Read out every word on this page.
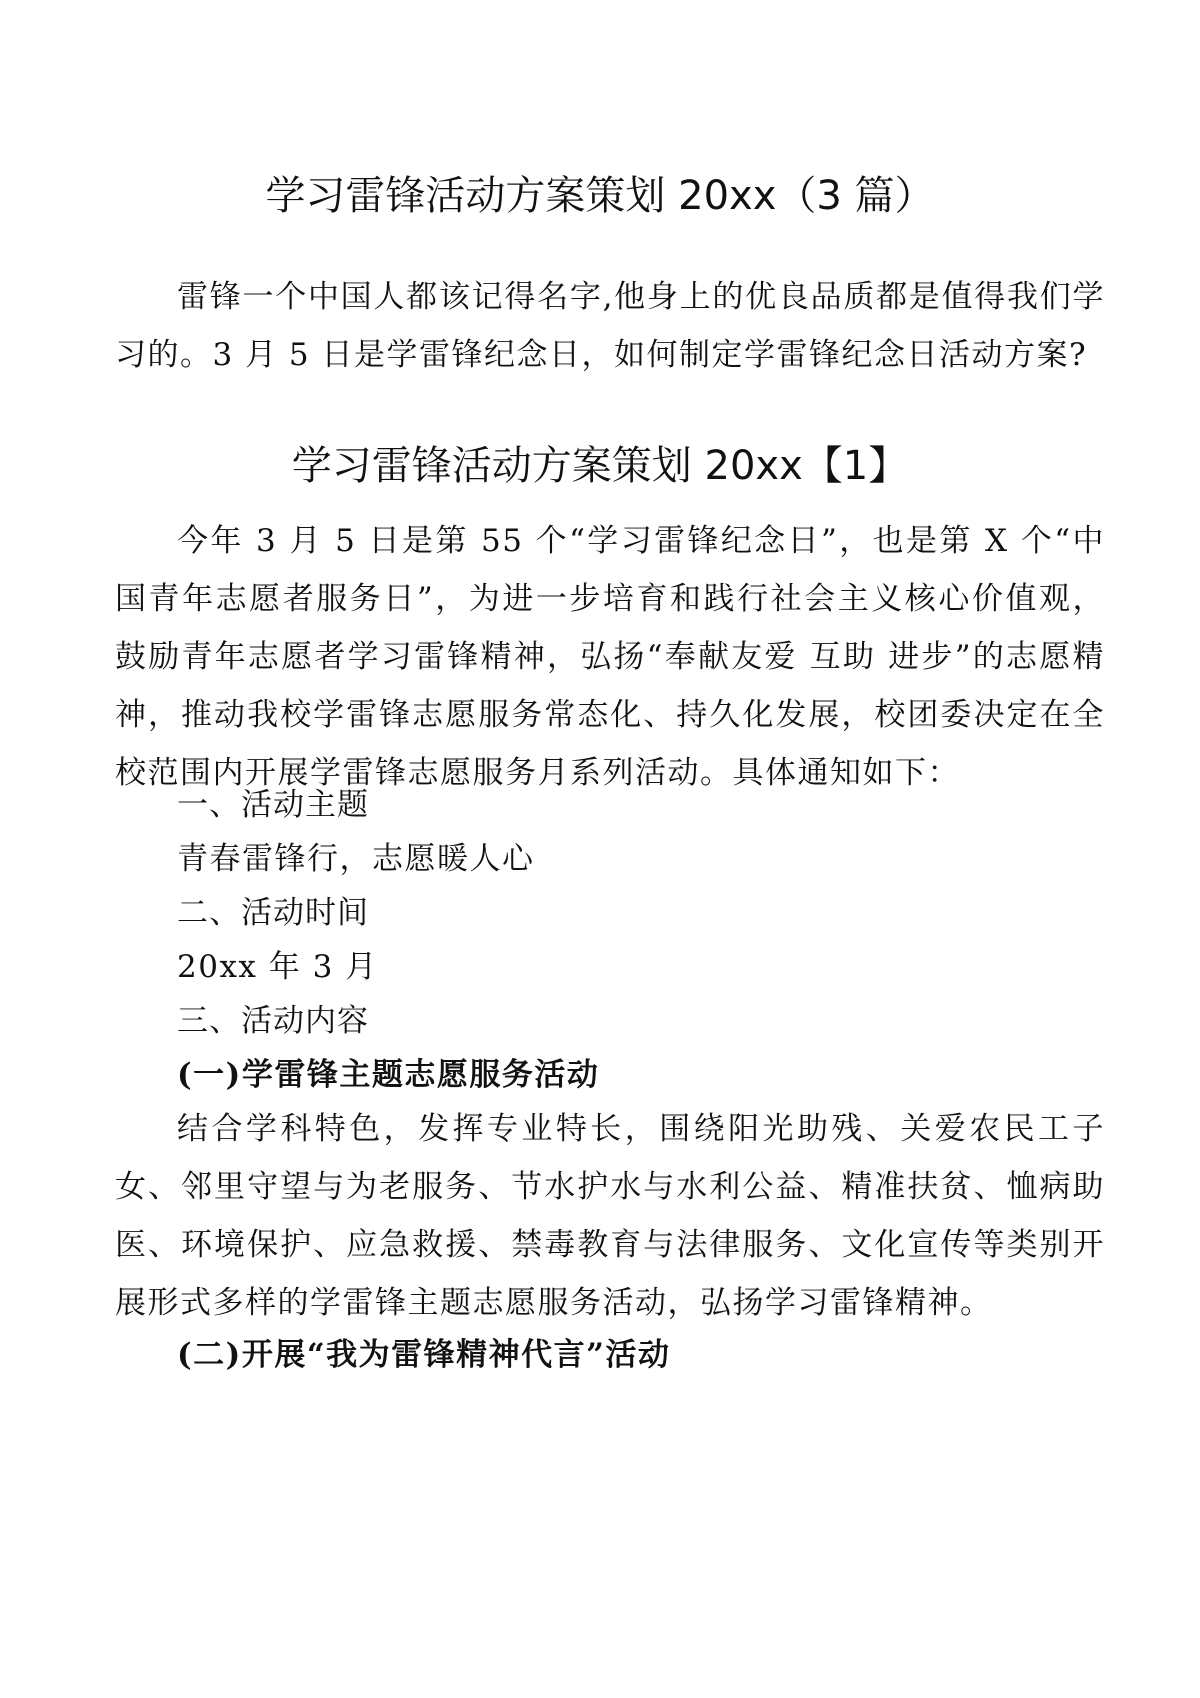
学习雷锋活动方案策划 20xx（3 篇）
雷锋一个中国人都该记得名字,他身上的优良品质都是值得我们学习的。3 月 5 日是学雷锋纪念日，如何制定学雷锋纪念日活动方案?
学习雷锋活动方案策划 20xx【1】
今年 3 月 5 日是第 55 个“学习雷锋纪念日”，也是第 X 个“中国青年志愿者服务日”，为进一步培育和践行社会主义核心价值观，鼓励青年志愿者学习雷锋精神，弘扬“奉献友爱 互助 进步”的志愿精神，推动我校学雷锋志愿服务常态化、持久化发展，校团委决定在全校范围内开展学雷锋志愿服务月系列活动。具体通知如下：
一、活动主题
青春雷锋行，志愿暖人心
二、活动时间
20xx 年 3 月
三、活动内容
(一)学雷锋主题志愿服务活动
结合学科特色，发挥专业特长，围绕阳光助残、关爱农民工子女、邻里守望与为老服务、节水护水与水利公益、精准扶贫、恤病助医、环境保护、应急救援、禁毒教育与法律服务、文化宣传等类别开展形式多样的学雷锋主题志愿服务活动，弘扬学习雷锋精神。
(二)开展“我为雷锋精神代言”活动
